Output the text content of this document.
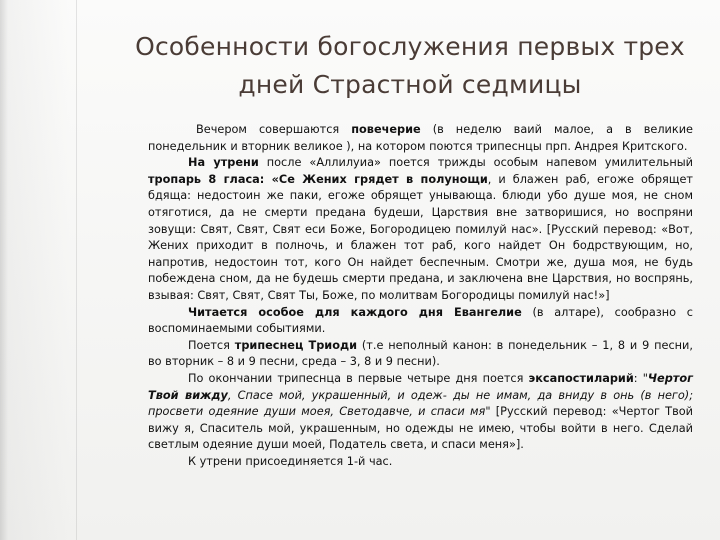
Особенности богослужения первых трех
дней Страстной седмицы

Вечером совершаются повечерие (в неделю ваий малое, а в великие понедельник и вторник великое ), на котором поются трипеснцы прп. Андрея Критского.

На утрени после «Аллилуиа» поется трижды особым напевом умилительный тропарь 8 гласа: «Се Жених грядет в полунощи, и блажен раб, егоже обрящет бдяща: недостоин же паки, егоже обрящет унывающа. блюди убо душе моя, не сном отяготися, да не смерти предана будеши, Царствия вне затворишися, но воспряни зовущи: Свят, Свят, Свят еси Боже, Богородицею помилуй нас». [Русский перевод: «Вот, Жених приходит в полночь, и блажен тот раб, кого найдет Он бодрствующим, но, напротив, недостоин тот, кого Он найдет беспечным. Смотри же, душа моя, не будь побеждена сном, да не будешь смерти предана, и заключена вне Царствия, но воспрянь, взывая: Свят, Свят, Свят Ты, Боже, по молитвам Богородицы помилуй нас!»]

Читается особое для каждого дня Евангелие (в алтаре), сообразно с воспоминаемыми событиями.

Поется трипеснец Триоди (т.е неполный канон: в понедельник – 1, 8 и 9 песни, во вторник – 8 и 9 песни, среда – 3, 8 и 9 песни).

По окончании трипеснца в первые четыре дня поется эксапостиларий: "Чертог Твой вижду, Спасе мой, украшенный, и одеж- ды не имам, да вниду в онь (в него); просвети одеяние души моея, Светодавче, и спаси мя" [Русский перевод: «Чертог Твой вижу я, Спаситель мой, украшенным, но одежды не имею, чтобы войти в него. Сделай светлым одеяние души моей, Податель света, и спаси меня»].

К утрени присоединяется 1-й час.
